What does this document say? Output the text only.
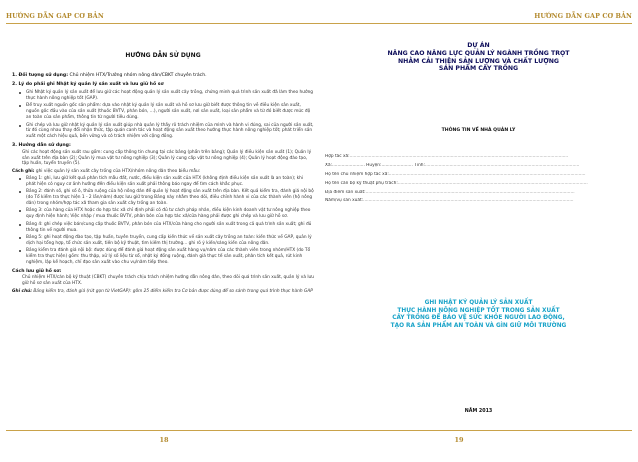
HƯỚNG DẪN GAP CƠ BẢN
HƯỚNG DẪN SỬ DỤNG
1. Đối tượng sử dụng: Chủ nhiệm HTX/Trưởng nhóm nông dân/CBKT chuyên trách.
2. Lý do phải ghi Nhật ký quản lý sản xuất và lưu giữ hồ sơ
Ghi Nhật ký quản lý sản xuất để lưu giữ các hoạt động quản lý sản xuất cây trồng, chứng minh quá trình sản xuất đã làm theo hướng thực hành nông nghiệp tốt (GAP).
Để truy xuất nguồn gốc sản phẩm: dựa vào nhật ký quản lý sản xuất và hồ sơ lưu giữ biết được thông tin về điều kiện sản xuất, nguồn gốc đầu vào của sản xuất (thuốc BVTV, phân bón, ...), người sản xuất, nơi sản xuất, loại sản phẩm và từ đó biết được mức độ an toàn của sản phẩm, thông tin từ người tiêu dùng.
Ghi chép và lưu giữ nhật ký quản lý sản xuất giúp nhà quản lý thấy rõ trách nhiệm của mình và hành vi đúng, sai của người sản xuất, từ đó cùng nhau thay đổi nhận thức, tập quán canh tác và hoạt động sản xuất theo hướng thực hành nông nghiệp tốt; phát triển sản xuất một cách hiệu quả, bền vững và có trách nhiệm với cộng đồng.
3. Hướng dẫn sử dụng:
Ghi các hoạt động sản xuất rau gồm: cung cấp thông tin chung tại các bảng (phần trên bảng); Quản lý điều kiện sản xuất (1); Quản lý sản xuất trên địa bàn (2); Quản lý mua vật tư nông nghiệp (3); Quản lý cung cấp vật tư nông nghiệp (4); Quản lý hoạt động đào tạo, tập huấn, tuyển truyền (5).
Cách ghi: ghi việc quản lý sản xuất cây trồng của HTX/nhóm nông dân theo biểu mẫu:
Bảng 1: ghi, lưu giữ kết quả phân tích mẫu đất, nước, điều kiện sản xuất của HTX (không định điều kiện sản xuất là an toàn); khi phát hiện có nguy cơ ảnh hưởng đến điều kiện sản xuất phải thông báo ngay để tìm cách khắc phục.
Bảng 2: đánh số, ghi số ô, thửa ruộng của hộ nông dân để quản lý hoạt động sản xuất trên địa bàn. Kết quả kiểm tra, đánh giá nội bộ (do Tổ kiểm tra thực hiện 1 - 2 lần/năm) được lưu giữ trong Bảng này nhằm theo dõi, điều chỉnh hành vi của các thành viên (hộ nông dân) trong nhóm/hợp tác xã tham gia sản xuất cây trồng an toàn.
Bảng 3: của hàng của HTX hoặc do hợp tác xã chỉ định phải có đủ tư cách pháp nhân, điều kiện kinh doanh vật tư nông nghiệp theo quy định hiện hành; Việc nhập / mua thuốc BVTV, phân bón của hợp tác xã/cửa hàng phải được ghi chép và lưu giữ hồ sơ.
Bảng 4: ghi chép việc bán/cung cấp thuốc BVTV, phân bón của HTX/cửa hàng cho người sản xuất trong cả quá trình sản xuất; ghi đủ thông tin về người mua.
Bảng 5: ghi hoạt động đào tạo, tập huấn, tuyên truyền, cung cấp kiến thức về sản xuất cây trồng an toàn: kiến thức về GAP, quản lý dịch hại tổng hợp, tổ chức sản xuất, tiến bộ kỹ thuật, tìm kiếm thị trường... ghi rõ ý kiến/sáng kiến của nông dân.
Bảng kiểm tra đánh giá nội bộ: được dùng để đánh giá hoạt động sản xuất hàng vụ/năm của các thành viên trong nhóm/HTX (do Tổ kiểm tra thực hiện) gồm: thu thập, xử lý số liệu từ sổ, nhật ký đồng ruộng, đánh giá thực tế sản xuất, phân tích kết quả, rút kinh nghiệm, lập kế hoạch, chỉ đạo sản xuất vào chu vụ/năm tiếp theo.
Cách lưu giữ hồ sơ:
Chủ nhiệm HTX/cán bộ kỹ thuật (CBKT) chuyên trách chịu trách nhiệm hướng dẫn nông dân, theo dõi quá trình sản xuất, quản lý và lưu giữ hồ sơ sản xuất của HTX.
Ghi chú: Bảng kiểm tra, đánh giá (rút gọn từ VietGAP): gồm 25 điểm kiểm tra Cơ bản được dùng để so sánh trong quá trình thực hành GAP
18
HƯỚNG DẪN GAP CƠ BẢN
DỰ ÁN
NÂNG CAO NĂNG LỰC QUẢN LÝ NGÀNH TRỒNG TRỌT
NHẰM CẢI THIỆN SẢN LƯỢNG VÀ CHẤT LƯỢNG
SẢN PHẨM CÂY TRỒNG
THÔNG TIN VỀ NHÀ QUẢN LÝ
Hợp tác xã: ................................................................................................................................................................
Xã:........................ Huyện:....................... Tỉnh: .................................................................................................................
Họ tên chủ nhiệm hợp tác xã: ................................................................................................................................................
Họ tên cán bộ kỹ thuật phụ trách: ...........................................................................................................................................
Địa điểm sản xuất: .........................................................................................................................................................
Năm/vụ sản xuất: ..........................................................................................................................................................
GHI NHẬT KÝ QUẢN LÝ SẢN XUẤT
THỰC HÀNH NÔNG NGHIỆP TỐT TRONG SẢN XUẤT
CÂY TRỒNG ĐỂ BẢO VỆ SỨC KHỎE NGƯỜI LAO ĐỘNG,
TẠO RA SẢN PHẨM AN TOÀN VÀ GÌN GIỮ MÔI TRƯỜNG
NĂM 2013
19
